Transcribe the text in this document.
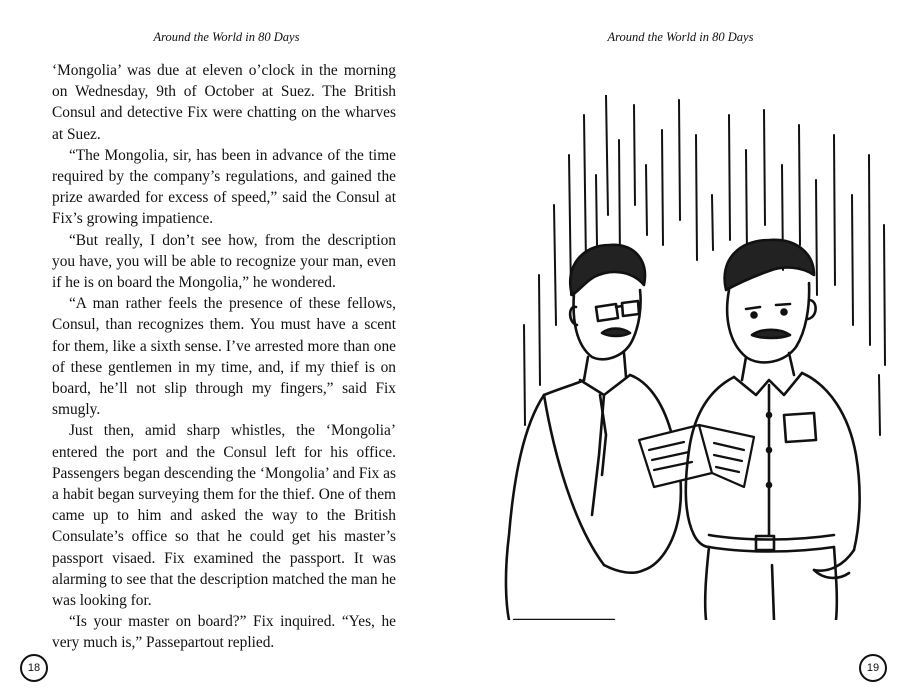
Around the World in 80 Days

‘Mongolia’ was due at eleven o’clock in the morning on Wednesday, 9th of October at Suez. The British Consul and detective Fix were chatting on the wharves at Suez.

“The Mongolia, sir, has been in advance of the time required by the company’s regulations, and gained the prize awarded for excess of speed,” said the Consul at Fix’s growing impatience.

“But really, I don’t see how, from the description you have, you will be able to recognize your man, even if he is on board the Mongolia,” he wondered.

“A man rather feels the presence of these fellows, Consul, than recognizes them. You must have a scent for them, like a sixth sense. I’ve arrested more than one of these gentlemen in my time, and, if my thief is on board, he’ll not slip through my fingers,” said Fix smugly.

Just then, amid sharp whistles, the ‘Mongolia’ entered the port and the Consul left for his office. Passengers began descending the ‘Mongolia’ and Fix as a habit began surveying them for the thief. One of them came up to him and asked the way to the British Consulate’s office so that he could get his master’s passport visaed. Fix examined the passport. It was alarming to see that the description matched the man he was looking for.

“Is your master on board?” Fix inquired. “Yes, he very much is,” Passepartout replied.

18
Around the World in 80 Days
19
